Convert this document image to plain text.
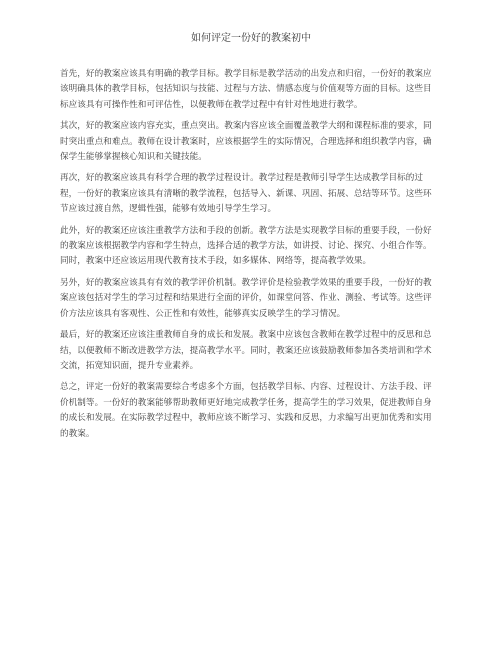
如何评定一份好的教案初中

首先，好的教案应该具有明确的教学目标。教学目标是教学活动的出发点和归宿，一份好的教案应该明确具体的教学目标，包括知识与技能、过程与方法、情感态度与价值观等方面的目标。这些目标应该具有可操作性和可评估性，以便教师在教学过程中有针对性地进行教学。

其次，好的教案应该内容充实，重点突出。教案内容应该全面覆盖教学大纲和课程标准的要求，同时突出重点和难点。教师在设计教案时，应该根据学生的实际情况，合理选择和组织教学内容，确保学生能够掌握核心知识和关键技能。

再次，好的教案应该具有科学合理的教学过程设计。教学过程是教师引导学生达成教学目标的过程，一份好的教案应该具有清晰的教学流程，包括导入、新课、巩固、拓展、总结等环节。这些环节应该过渡自然，逻辑性强，能够有效地引导学生学习。

此外，好的教案还应该注重教学方法和手段的创新。教学方法是实现教学目标的重要手段，一份好的教案应该根据教学内容和学生特点，选择合适的教学方法，如讲授、讨论、探究、小组合作等。同时，教案中还应该运用现代教育技术手段，如多媒体、网络等，提高教学效果。

另外，好的教案应该具有有效的教学评价机制。教学评价是检验教学效果的重要手段，一份好的教案应该包括对学生的学习过程和结果进行全面的评价，如课堂问答、作业、测验、考试等。这些评价方法应该具有客观性、公正性和有效性，能够真实反映学生的学习情况。

最后，好的教案还应该注重教师自身的成长和发展。教案中应该包含教师在教学过程中的反思和总结，以便教师不断改进教学方法，提高教学水平。同时，教案还应该鼓励教师参加各类培训和学术交流，拓宽知识面，提升专业素养。

总之，评定一份好的教案需要综合考虑多个方面，包括教学目标、内容、过程设计、方法手段、评价机制等。一份好的教案能够帮助教师更好地完成教学任务，提高学生的学习效果，促进教师自身的成长和发展。在实际教学过程中，教师应该不断学习、实践和反思，力求编写出更加优秀和实用的教案。
